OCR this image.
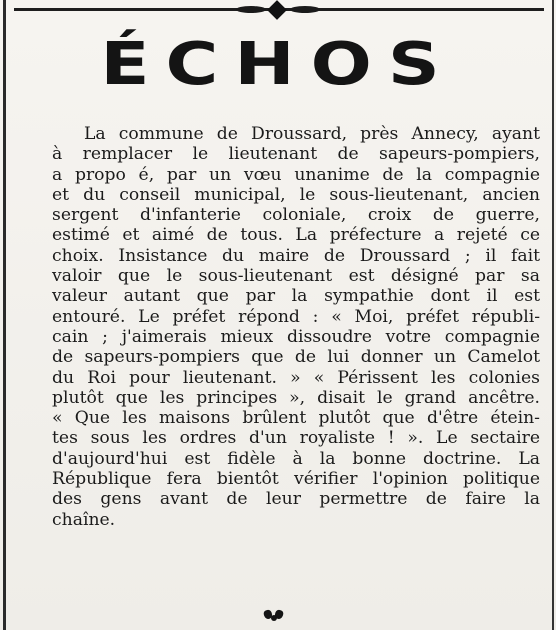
ÉCHOS
La commune de Droussard, près Annecy, ayant
à remplacer le lieutenant de sapeurs-pompiers,
a propo é, par un vœu unanime de la compagnie
et du conseil municipal, le sous-lieutenant, ancien
sergent d'infanterie coloniale, croix de guerre,
estimé et aimé de tous. La préfecture a rejeté ce
choix. Insistance du maire de Droussard ; il fait
valoir que le sous-lieutenant est désigné par sa
valeur autant que par la sympathie dont il est
entouré. Le préfet répond : « Moi, préfet républi-
cain ; j'aimerais mieux dissoudre votre compagnie
de sapeurs-pompiers que de lui donner un Camelot
du Roi pour lieutenant. » « Périssent les colonies
plutôt que les principes », disait le grand ancêtre.
« Que les maisons brûlent plutôt que d'être étein-
tes sous les ordres d'un royaliste ! ». Le sectaire
d'aujourd'hui est fidèle à la bonne doctrine. La
République fera bientôt vérifier l'opinion politique
des gens avant de leur permettre de faire la
chaîne.
